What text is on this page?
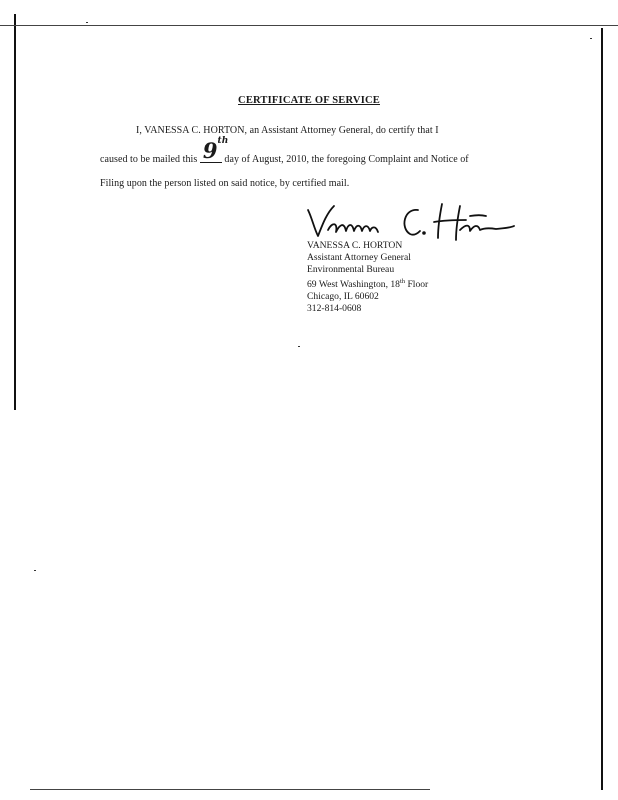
CERTIFICATE OF SERVICE
I, VANESSA C. HORTON, an Assistant Attorney General, do certify that I
caused to be mailed this 9th
day of August, 2010, the foregoing Complaint and Notice of
Filing upon the person listed on said notice, by certified mail.
VANESSA C. HORTON
Assistant Attorney General
Environmental Bureau
69 West Washington, 18th Floor
Chicago, IL 60602
312-814-0608
